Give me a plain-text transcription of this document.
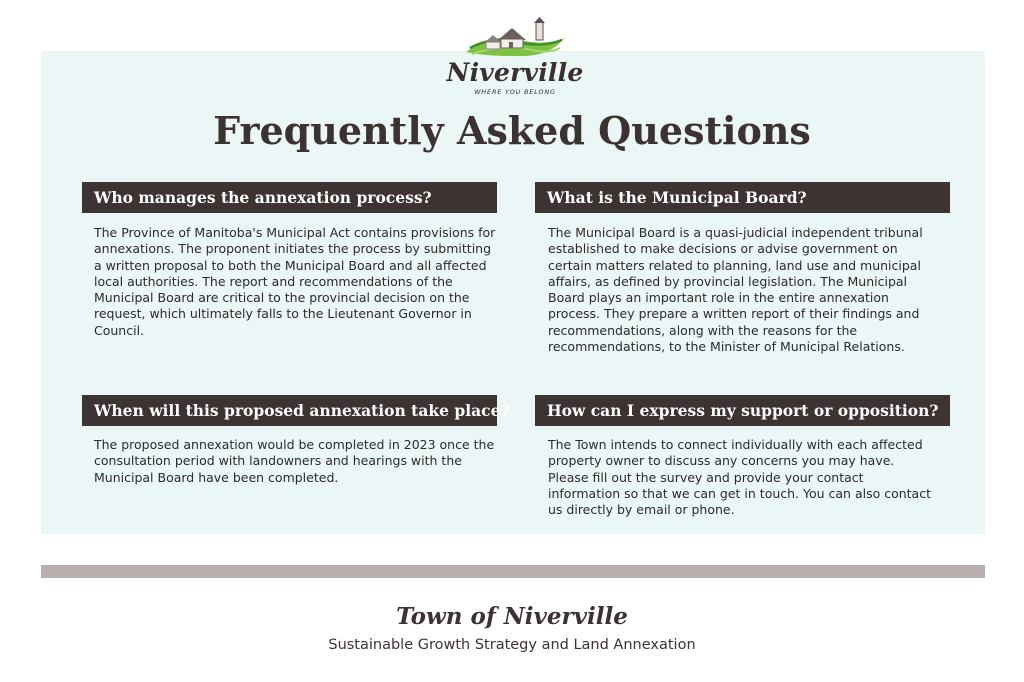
Niverville
WHERE YOU BELONG
Frequently Asked Questions
Who manages the annexation process?

The Province of Manitoba's Municipal Act contains provisions for annexations. The proponent initiates the process by submitting a written proposal to both the Municipal Board and all affected local authorities. The report and recommendations of the Municipal Board are critical to the provincial decision on the request, which ultimately falls to the Lieutenant Governor in Council.

What is the Municipal Board?

The Municipal Board is a quasi-judicial independent tribunal established to make decisions or advise government on certain matters related to planning, land use and municipal affairs, as defined by provincial legislation. The Municipal Board plays an important role in the entire annexation process. They prepare a written report of their findings and recommendations, along with the reasons for the recommendations, to the Minister of Municipal Relations.

When will this proposed annexation take place?

The proposed annexation would be completed in 2023 once the consultation period with landowners and hearings with the Municipal Board have been completed.

How can I express my support or opposition?

The Town intends to connect individually with each affected property owner to discuss any concerns you may have. Please fill out the survey and provide your contact information so that we can get in touch. You can also contact us directly by email or phone.

Town of Niverville
Sustainable Growth Strategy and Land Annexation
